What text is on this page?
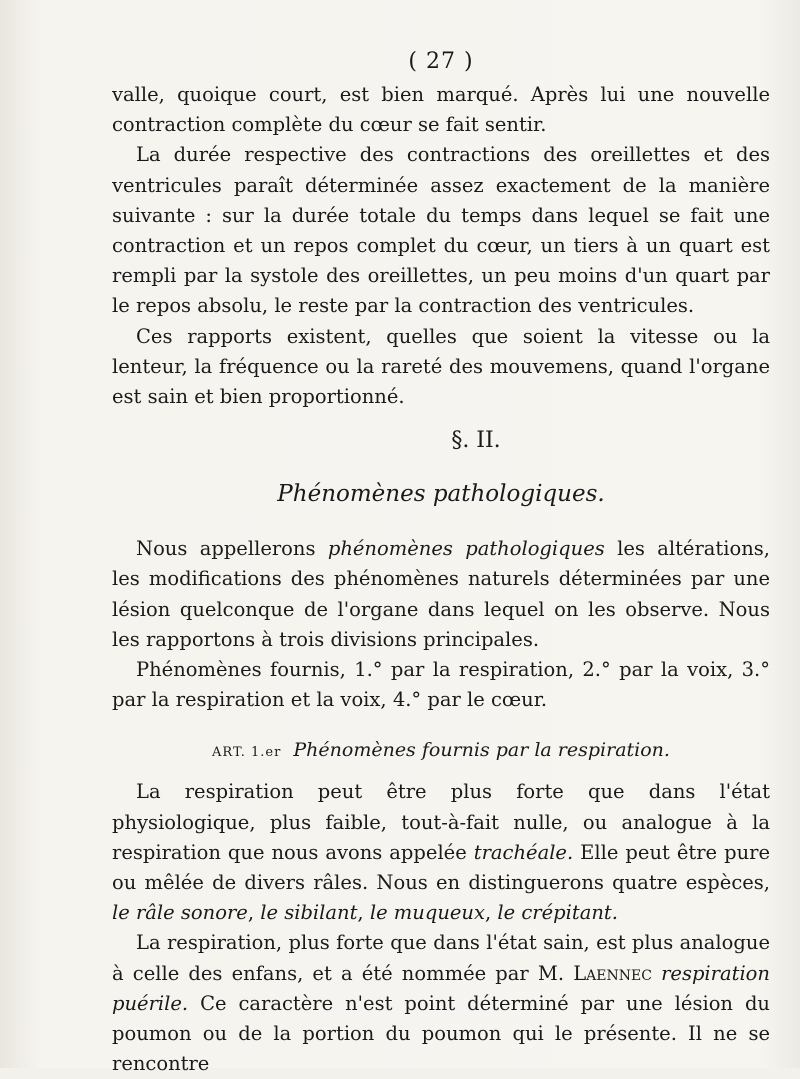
( 27 )

valle, quoique court, est bien marqué. Après lui une nouvelle contraction complète du cœur se fait sentir.

La durée respective des contractions des oreillettes et des ventricules paraît déterminée assez exactement de la manière suivante : sur la durée totale du temps dans lequel se fait une contraction et un repos complet du cœur, un tiers à un quart est rempli par la systole des oreillettes, un peu moins d'un quart par le repos absolu, le reste par la contraction des ventricules.

Ces rapports existent, quelles que soient la vitesse ou la lenteur, la fréquence ou la rareté des mouvemens, quand l'organe est sain et bien proportionné.

§. II.
Phénomènes pathologiques.

Nous appellerons phénomènes pathologiques les altérations, les modifications des phénomènes naturels déterminées par une lésion quelconque de l'organe dans lequel on les observe. Nous les rapportons à trois divisions principales.

Phénomènes fournis, 1.° par la respiration, 2.° par la voix, 3.° par la respiration et la voix, 4.° par le cœur.

ART. 1.er Phénomènes fournis par la respiration.

La respiration peut être plus forte que dans l'état physiologique, plus faible, tout-à-fait nulle, ou analogue à la respiration que nous avons appelée trachéale. Elle peut être pure ou mêlée de divers râles. Nous en distinguerons quatre espèces, le râle sonore, le sibilant, le muqueux, le crépitant.

La respiration, plus forte que dans l'état sain, est plus analogue à celle des enfans, et a été nommée par M. Laennec respiration puérile. Ce caractère n'est point déterminé par une lésion du poumon ou de la portion du poumon qui le présente. Il ne se rencontre
